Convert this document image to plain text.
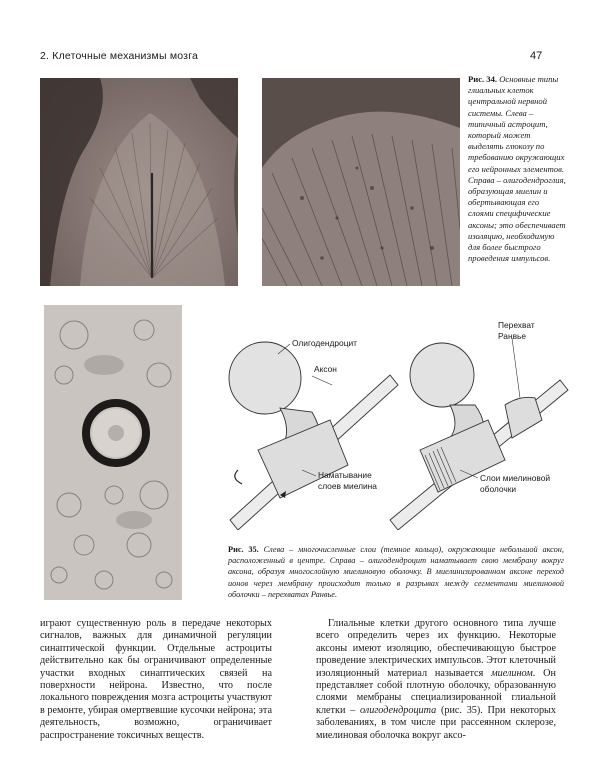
2. Клеточные механизмы мозга	47
Рис. 34. Основные типы глиальных клеток центральной нервной системы. Слева – типичный астроцит, который может выделять глюкозу по требованию окружающих его нейронных элементов. Справа – олигодендроглия, образующая миелин и обертывающая его слоями специфические аксоны; это обеспечивает изоляцию, необходимую для более быстрого проведения импульсов.
Олигодендроцит
Аксон
Наматывание
слоев миелина
Перехват
Ранвье
Слои миелиновой
оболочки
Рис. 35. Слева – многочисленные слои (темное кольцо), окружающие небольшой аксон, расположенный в центре. Справа – олигодендроцит наматывает свою мембрану вокруг аксона, образуя многослойную миелиновую оболочку. В миелинизированном аксоне переход ионов через мембрану происходит только в разрывах между сегментами миелиновой оболочки – перехватах Ранвье.
играют существенную роль в передаче некоторых сигналов, важных для динамичной регуляции синаптической функции. Отдельные астроциты действительно как бы ограничивают определенные участки входных синаптических связей на поверхности нейрона. Известно, что после локального повреждения мозга астроциты участвуют в ремонте, убирая омертвевшие кусочки нейрона; эта деятельность, возможно, ограничивает распространение токсичных веществ.
Глиальные клетки другого основного типа лучше всего определить через их функцию. Некоторые аксоны имеют изоляцию, обеспечивающую быстрое проведение электрических импульсов. Этот клеточный изоляционный материал называется миелином. Он представляет собой плотную оболочку, образованную слоями мембраны специализированной глиальной клетки – олигодендроцита (рис. 35). При некоторых заболеваниях, в том числе при рассеянном склерозе, миелиновая оболочка вокруг аксо-
